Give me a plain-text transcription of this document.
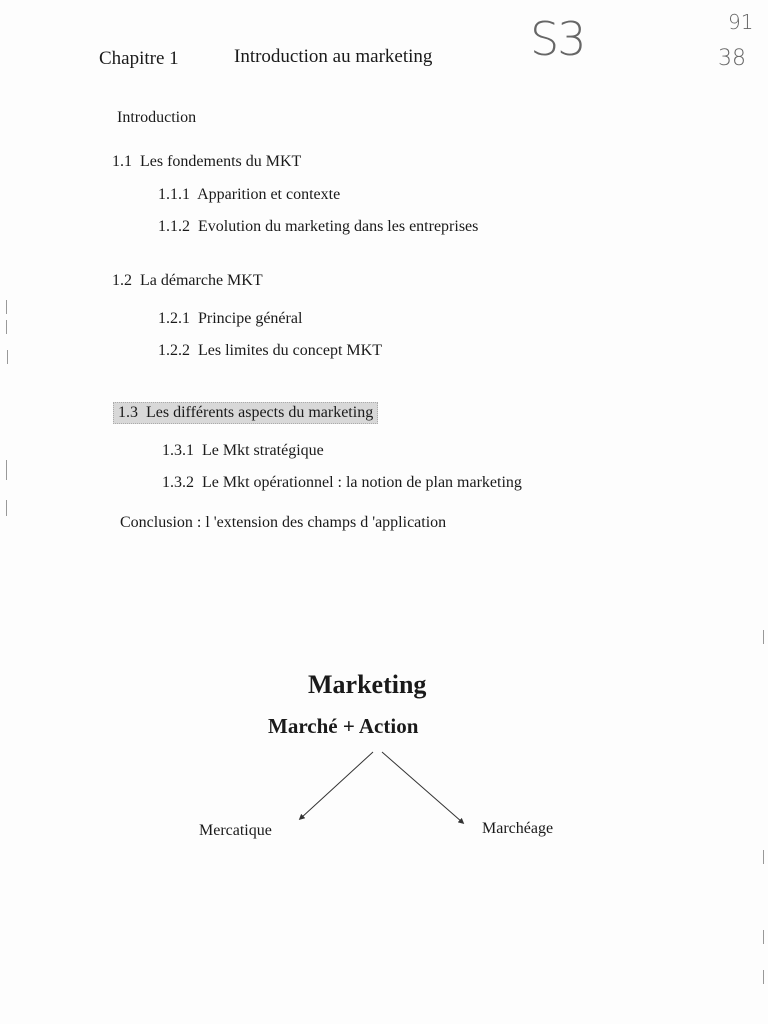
Chapitre 1	Introduction au marketing S3	91
38
Introduction
1.1 Les fondements du MKT
1.1.1 Apparition et contexte
1.1.2 Evolution du marketing dans les entreprises
1.2 La démarche MKT
1.2.1 Principe général
1.2.2 Les limites du concept MKT
1.3 Les différents aspects du marketing
1.3.1 Le Mkt stratégique
1.3.2 Le Mkt opérationnel : la notion de plan marketing
Conclusion : l 'extension des champs d 'application
Marketing
Marché + Action
Mercatique	Marchéage
